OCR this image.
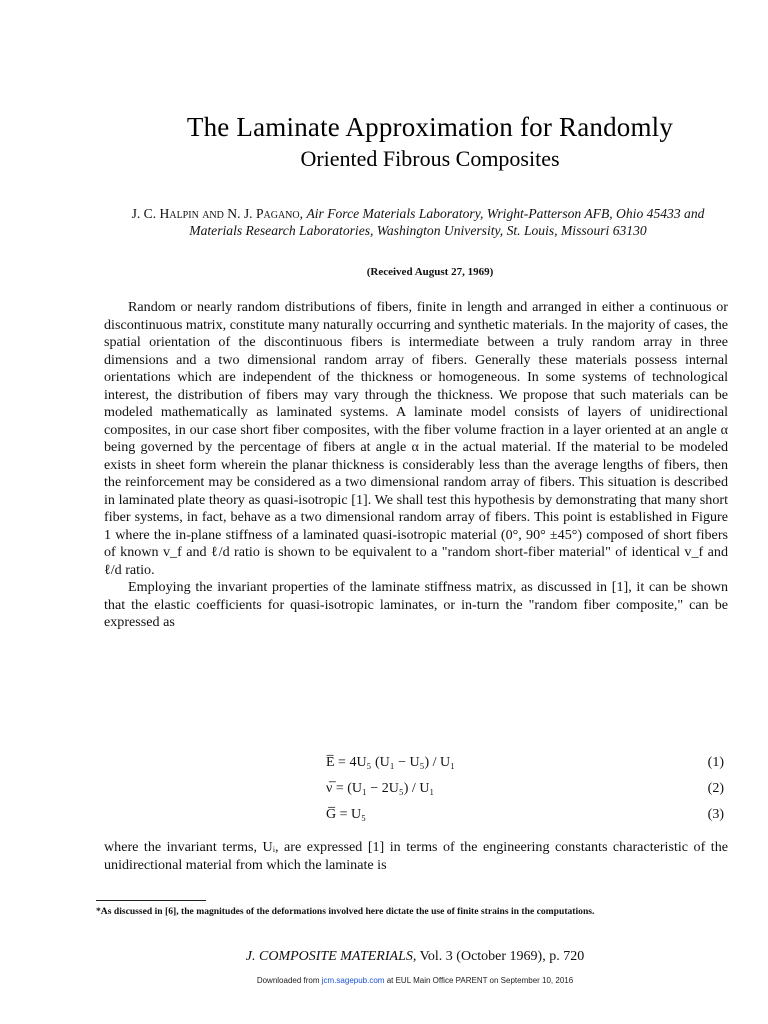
The Laminate Approximation for Randomly
Oriented Fibrous Composites
J. C. Halpin and N. J. Pagano, Air Force Materials Laboratory, Wright-Patterson AFB, Ohio 45433 and Materials Research Laboratories, Washington University, St. Louis, Missouri 63130
(Received August 27, 1969)

Random or nearly random distributions of fibers, finite in length and arranged in either a continuous or discontinuous matrix, constitute many naturally occurring and synthetic materials. In the majority of cases, the spatial orientation of the discontinuous fibers is intermediate between a truly random array in three dimensions and a two dimensional random array of fibers. Generally these materials possess internal orientations which are independent of the thickness or homogeneous. In some systems of technological interest, the distribution of fibers may vary through the thickness. We propose that such materials can be modeled mathematically as laminated systems. A laminate model consists of layers of unidirectional composites, in our case short fiber composites, with the fiber volume fraction in a layer oriented at an angle α being governed by the percentage of fibers at angle α in the actual material. If the material to be modeled exists in sheet form wherein the planar thickness is considerably less than the average lengths of fibers, then the reinforcement may be considered as a two dimensional random array of fibers. This situation is described in laminated plate theory as quasi-isotropic [1]. We shall test this hypothesis by demonstrating that many short fiber systems, in fact, behave as a two dimensional random array of fibers. This point is established in Figure 1 where the in-plane stiffness of a laminated quasi-isotropic material (0°, 90° ±45°) composed of short fibers of known v_f and ℓ/d ratio is shown to be equivalent to a "random short-fiber material" of identical v_f and ℓ/d ratio.

Employing the invariant properties of the laminate stiffness matrix, as discussed in [1], it can be shown that the elastic coefficients for quasi-isotropic laminates, or in-turn the "random fiber composite," can be expressed as

E̅ = 4U₅ (U₁ − U₅) / U₁	(1)
ν̅ = (U₁ − 2U₅) / U₁	(2)
G̅ = U₅	(3)
where the invariant terms, Uᵢ, are expressed [1] in terms of the engineering constants characteristic of the unidirectional material from which the laminate is
*As discussed in [6], the magnitudes of the deformations involved here dictate the use of finite strains in the computations.
J. COMPOSITE MATERIALS, Vol. 3 (October 1969), p. 720
Downloaded from jcm.sagepub.com at EUL Main Office PARENT on September 10, 2016
